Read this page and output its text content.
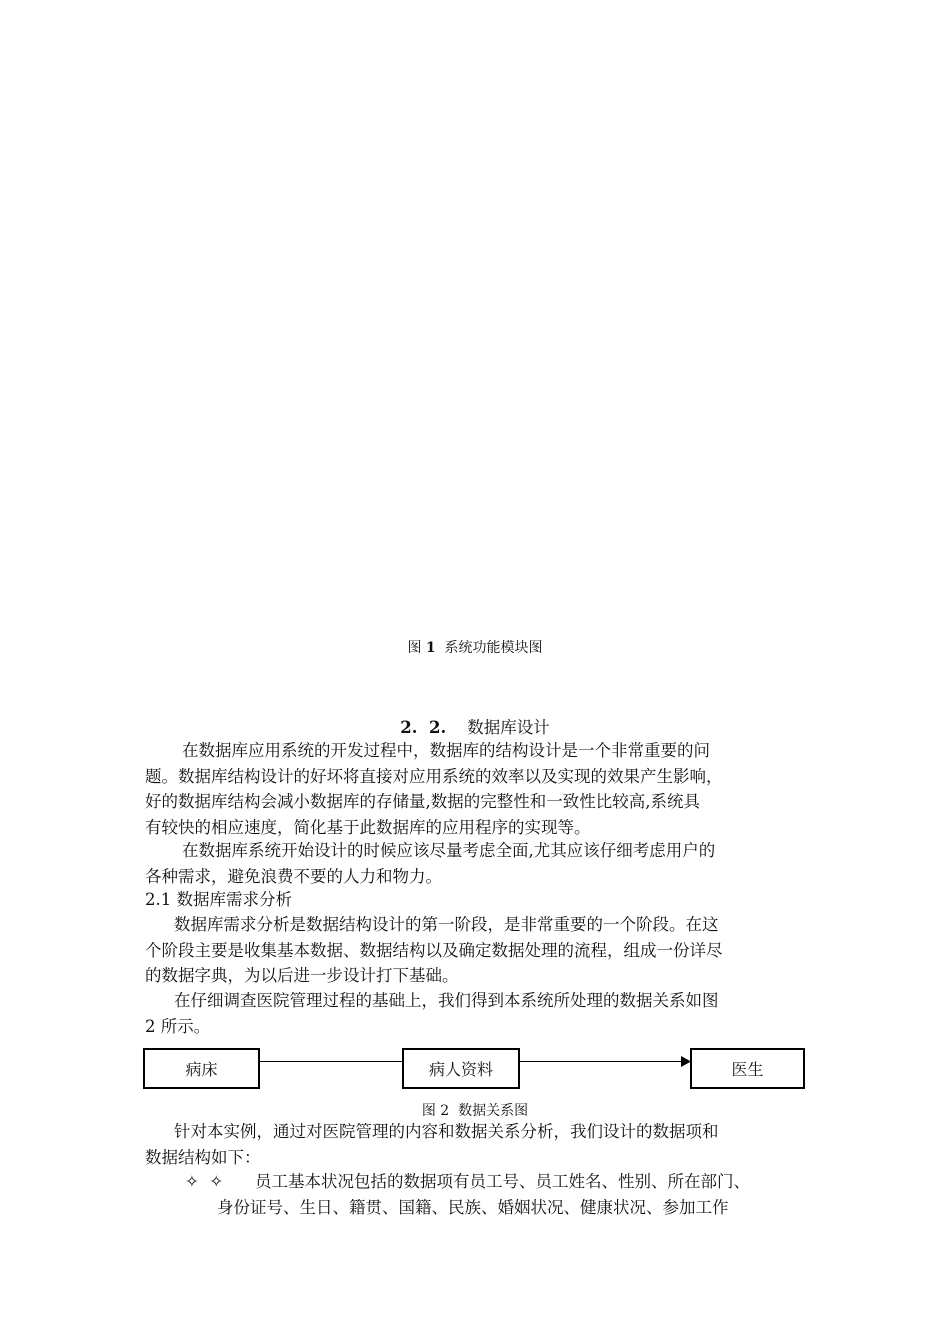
图 1 系统功能模块图
2.  2. 数据库设计
在数据库应用系统的开发过程中，数据库的结构设计是一个非常重要的问
题。数据库结构设计的好坏将直接对应用系统的效率以及实现的效果产生影响，
好的数据库结构会减小数据库的存储量,数据的完整性和一致性比较高,系统具
有较快的相应速度，简化基于此数据库的应用程序的实现等。
在数据库系统开始设计的时候应该尽量考虑全面,尤其应该仔细考虑用户的
各种需求，避免浪费不要的人力和物力。
2.1 数据库需求分析
数据库需求分析是数据结构设计的第一阶段，是非常重要的一个阶段。在这
个阶段主要是收集基本数据、数据结构以及确定数据处理的流程，组成一份详尽
的数据字典，为以后进一步设计打下基础。
在仔细调查医院管理过程的基础上，我们得到本系统所处理的数据关系如图
2 所示。
病床	病人资料	医生
图 2  数据关系图
针对本实例，通过对医院管理的内容和数据关系分析，我们设计的数据项和
数据结构如下：
✧  ✧	员工基本状况包括的数据项有员工号、员工姓名、性别、所在部门、
身份证号、生日、籍贯、国籍、民族、婚姻状况、健康状况、参加工作
